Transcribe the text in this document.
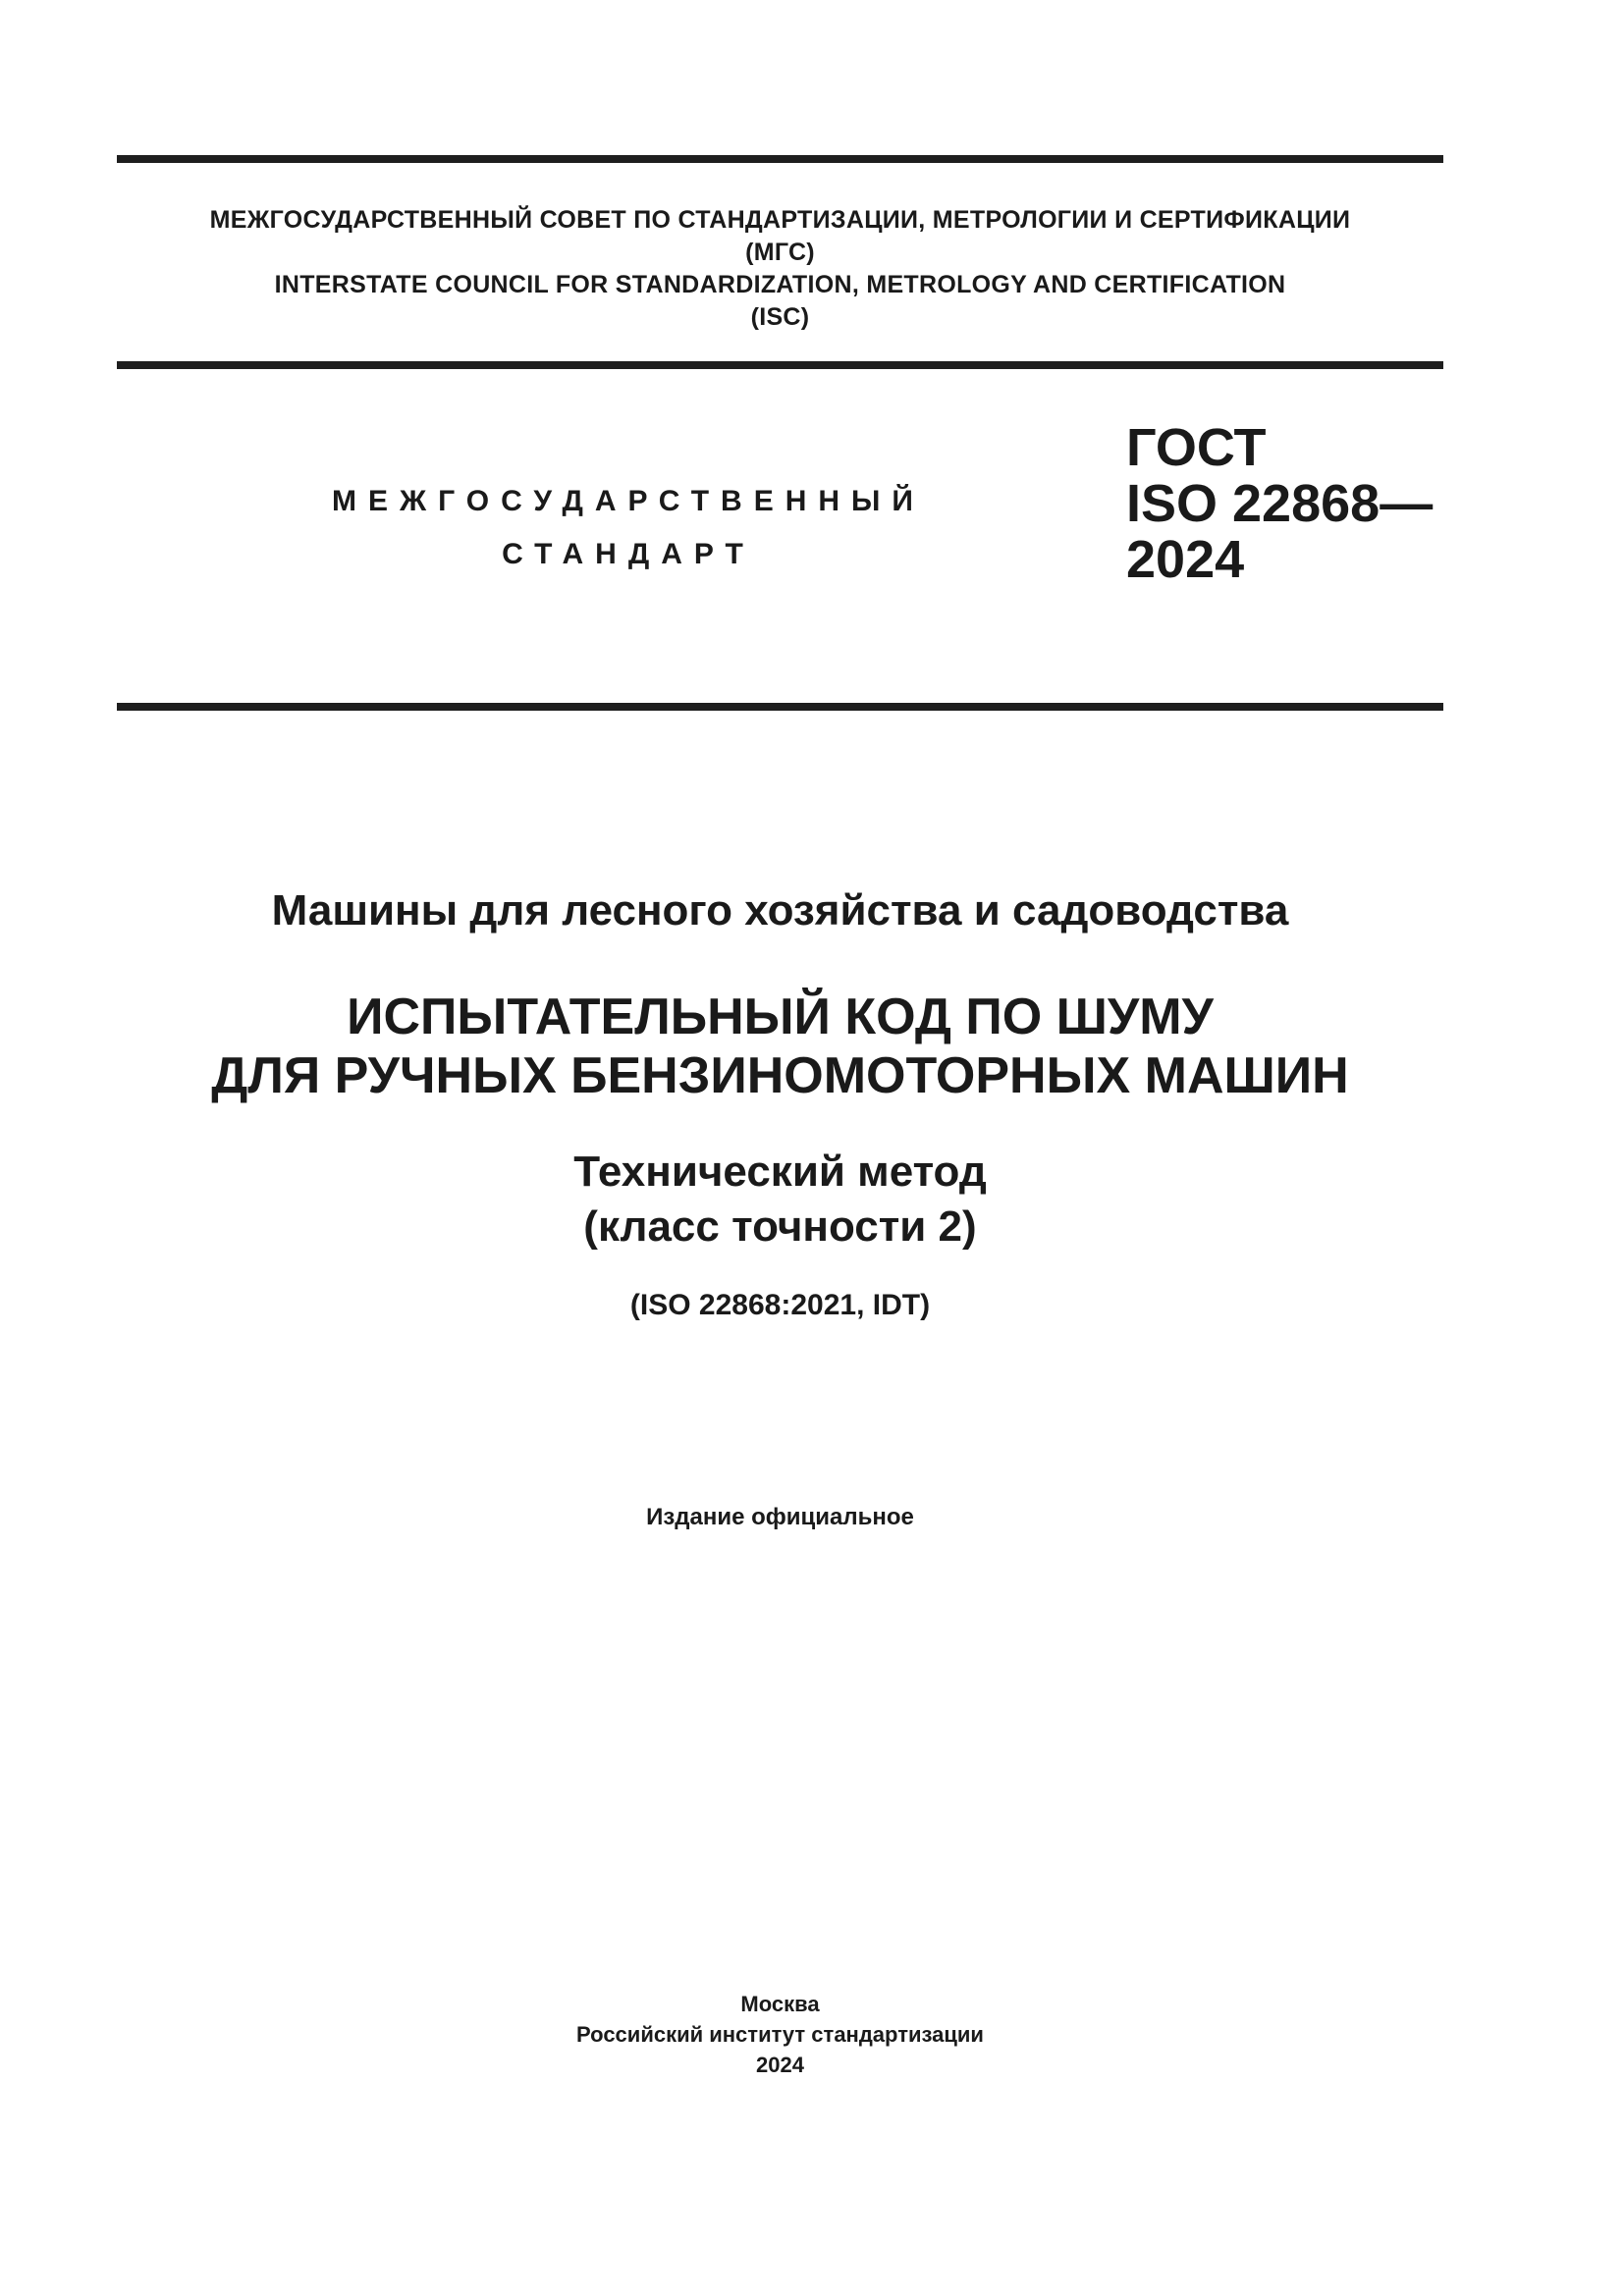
МЕЖГОСУДАРСТВЕННЫЙ СОВЕТ ПО СТАНДАРТИЗАЦИИ, МЕТРОЛОГИИ И СЕРТИФИКАЦИИ
(МГС)
INTERSTATE COUNCIL FOR STANDARDIZATION, METROLOGY AND CERTIFICATION
(ISC)
МЕЖГОСУДАРСТВЕННЫЙ
СТАНДАРТ
ГОСТ
ISO 22868—
2024
Машины для лесного хозяйства и садоводства
ИСПЫТАТЕЛЬНЫЙ КОД ПО ШУМУ
ДЛЯ РУЧНЫХ БЕНЗИНОМОТОРНЫХ МАШИН
Технический метод
(класс точности 2)
(ISO 22868:2021, IDT)
Издание официальное
Москва
Российский институт стандартизации
2024
